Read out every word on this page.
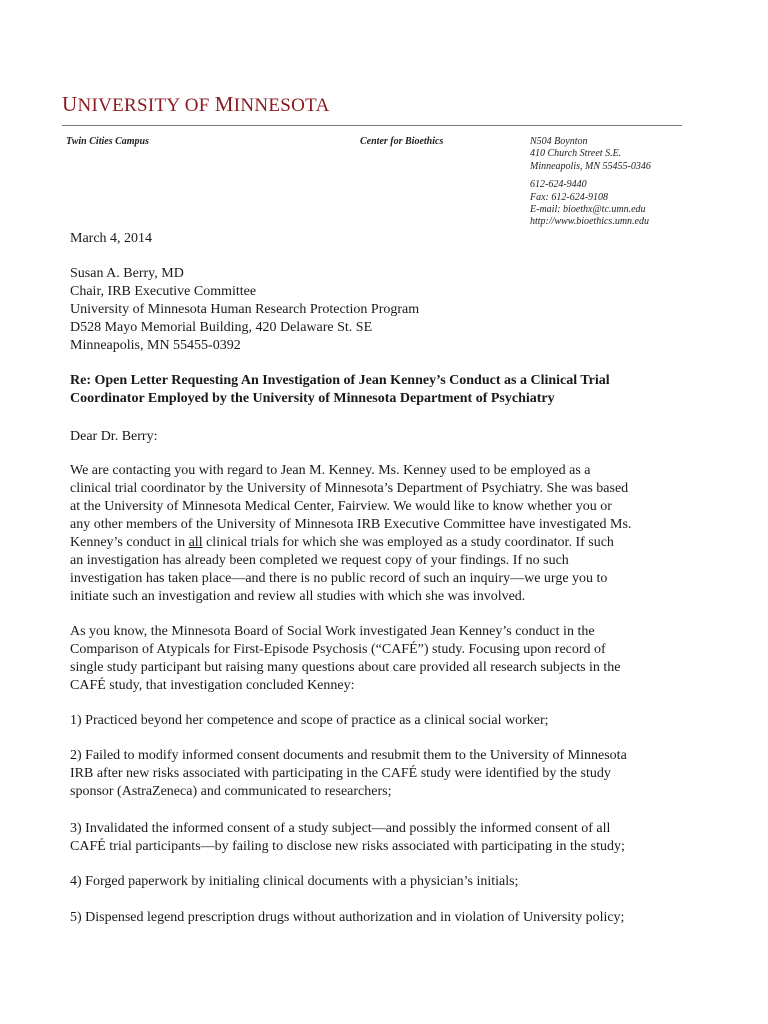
UNIVERSITY OF MINNESOTA
Twin Cities Campus	Center for Bioethics	N504 Boynton
410 Church Street S.E.
Minneapolis, MN 55455-0346
612-624-9440
Fax: 612-624-9108
E-mail: bioethx@tc.umn.edu
http://www.bioethics.umn.edu
March 4, 2014
Susan A. Berry, MD
Chair, IRB Executive Committee
University of Minnesota Human Research Protection Program
D528 Mayo Memorial Building, 420 Delaware St. SE
Minneapolis, MN 55455-0392
Re: Open Letter Requesting An Investigation of Jean Kenney’s Conduct as a Clinical Trial
Coordinator Employed by the University of Minnesota Department of Psychiatry
Dear Dr. Berry:
We are contacting you with regard to Jean M. Kenney. Ms. Kenney used to be employed as a
clinical trial coordinator by the University of Minnesota’s Department of Psychiatry. She was based
at the University of Minnesota Medical Center, Fairview. We would like to know whether you or
any other members of the University of Minnesota IRB Executive Committee have investigated Ms.
Kenney’s conduct in all clinical trials for which she was employed as a study coordinator. If such
an investigation has already been completed we request copy of your findings. If no such
investigation has taken place—and there is no public record of such an inquiry—we urge you to
initiate such an investigation and review all studies with which she was involved.
As you know, the Minnesota Board of Social Work investigated Jean Kenney’s conduct in the
Comparison of Atypicals for First-Episode Psychosis (“CAFÉ”) study. Focusing upon record of
single study participant but raising many questions about care provided all research subjects in the
CAFÉ study, that investigation concluded Kenney:
1) Practiced beyond her competence and scope of practice as a clinical social worker;
2) Failed to modify informed consent documents and resubmit them to the University of Minnesota
IRB after new risks associated with participating in the CAFÉ study were identified by the study
sponsor (AstraZeneca) and communicated to researchers;
3) Invalidated the informed consent of a study subject—and possibly the informed consent of all
CAFÉ trial participants—by failing to disclose new risks associated with participating in the study;
4) Forged paperwork by initialing clinical documents with a physician’s initials;
5) Dispensed legend prescription drugs without authorization and in violation of University policy;
